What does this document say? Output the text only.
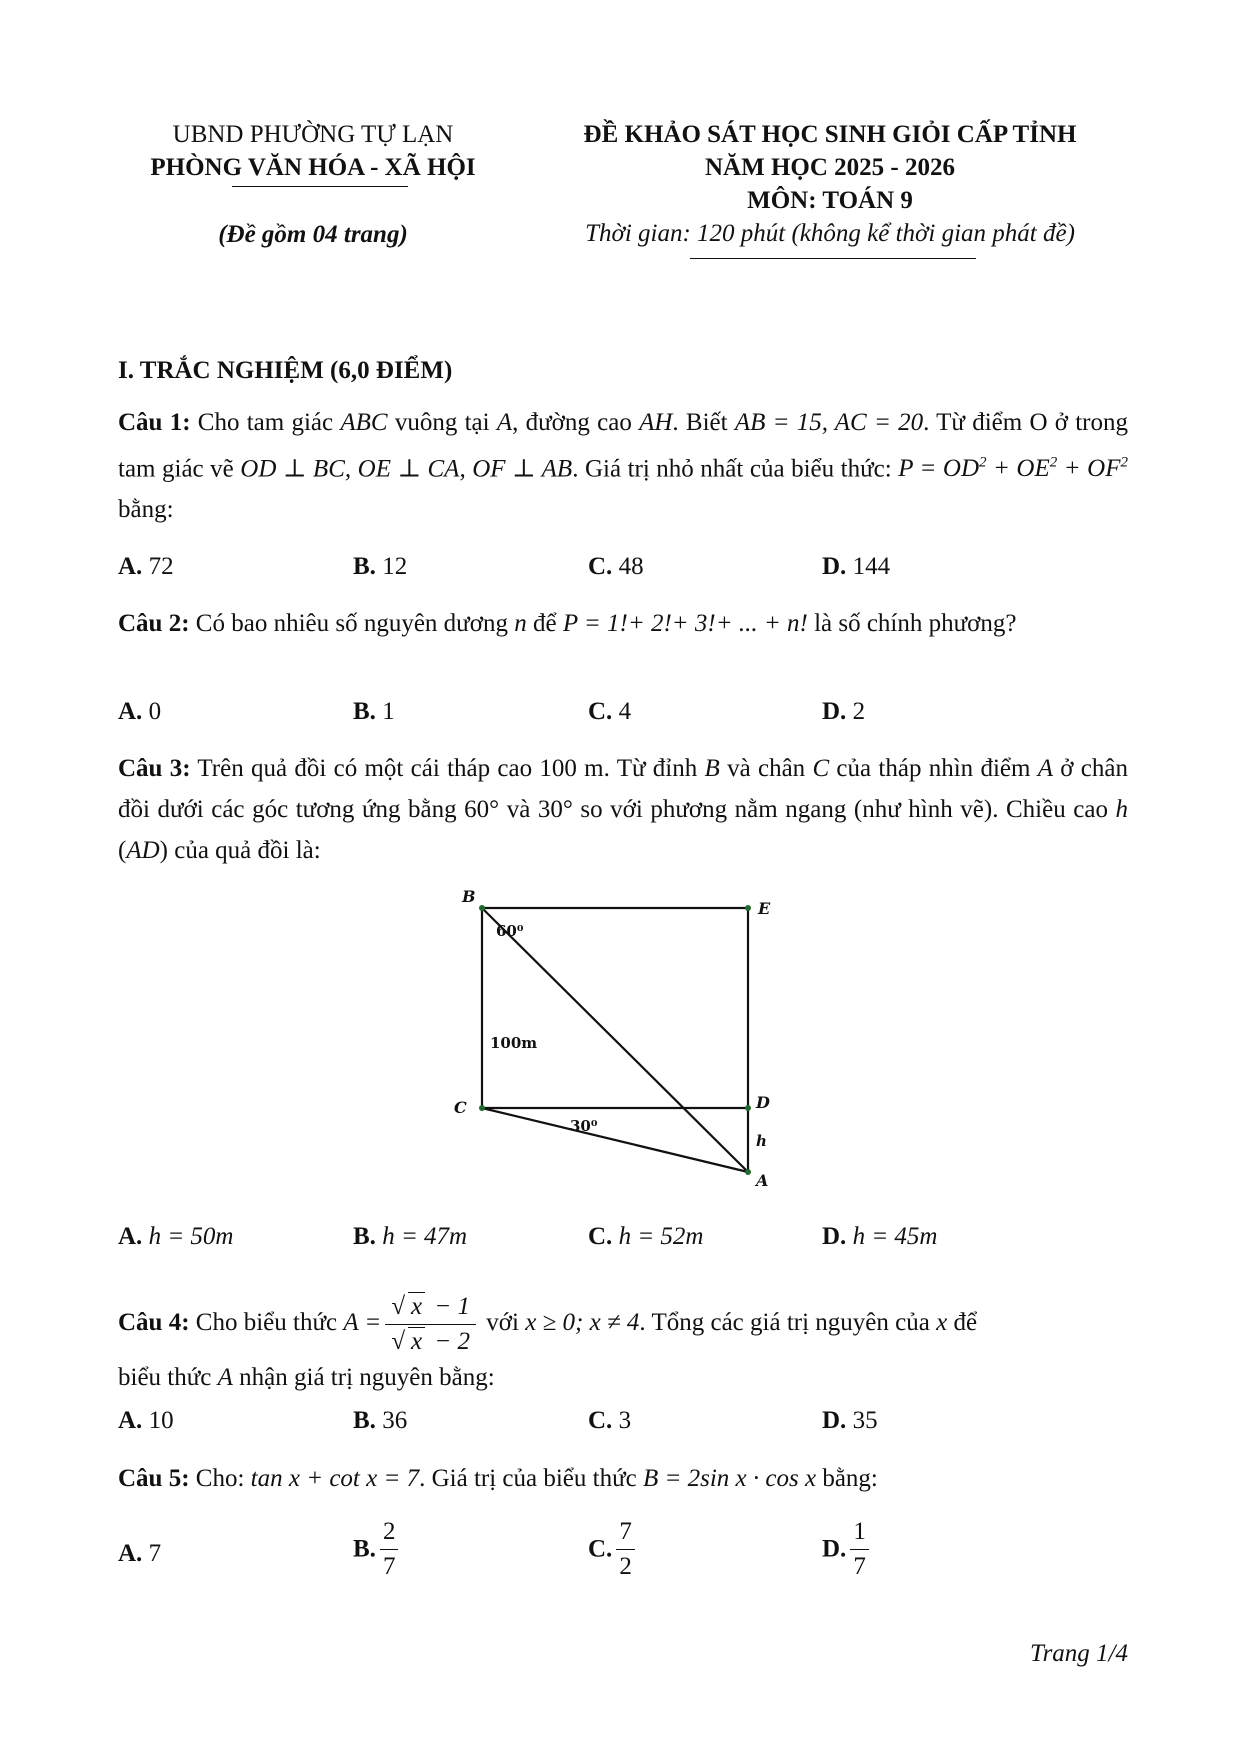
UBND PHƯỜNG TỰ LẠN
PHÒNG VĂN HÓA - XÃ HỘI
(Đề gồm 04 trang)
ĐỀ KHẢO SÁT HỌC SINH GIỎI CẤP TỈNH
NĂM HỌC 2025 - 2026
MÔN: TOÁN 9
Thời gian: 120 phút (không kể thời gian phát đề)
I. TRẮC NGHIỆM (6,0 ĐIỂM)
Câu 1: Cho tam giác ABC vuông tại A, đường cao AH. Biết AB = 15, AC = 20. Từ điểm O ở trong tam giác vẽ OD ⊥ BC, OE ⊥ CA, OF ⊥ AB. Giá trị nhỏ nhất của biểu thức: $P = OD^2 + OE^2 + OF^2$ bằng:
A. 72	B. 12	C. 48	D. 144
Câu 2: Có bao nhiêu số nguyên dương n để P = 1!+ 2!+ 3!+ ... + n! là số chính phương?
A. 0	B. 1	C. 4	D. 2
Câu 3: Trên quả đồi có một cái tháp cao 100 m. Từ đỉnh B và chân C của tháp nhìn điểm A ở chân đồi dưới các góc tương ứng bằng 60° và 30° so với phương nằm ngang (như hình vẽ). Chiều cao h (AD) của quả đồi là:
B
E
C	D
A
h
100m
60⁰
30⁰
A. h = 50m	B. h = 47m	C. h = 52m	D. h = 45m
Câu 4: Cho biểu thức $A = \frac{√ x - 1}{√ x - 2}$ với x ≥ 0; x ≠ 4. Tổng các giá trị nguyên của x để
biểu thức A nhận giá trị nguyên bằng:
A. 10	B. 36	C. 3	D. 35
Câu 5: Cho: tan x + cot x = 7. Giá trị của biểu thức B = 2sin x · cos x bằng:
A. 7	B. $\frac{2}{7}$	C. $\frac{7}{2}$	D. $\frac{1}{7}$
Trang 1/4
